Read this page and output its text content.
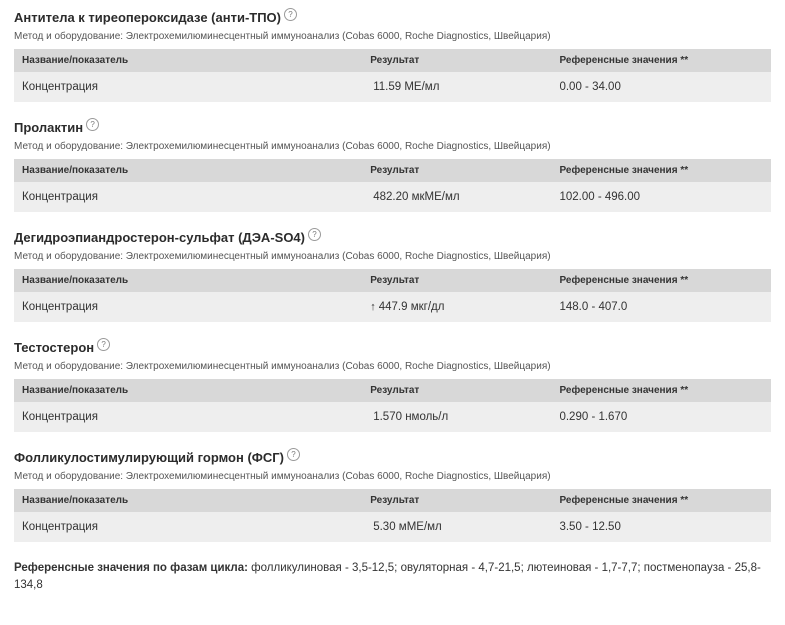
Антитела к тиреопероксидазе (анти-ТПО) ?
Метод и оборудование: Электрохемилюминесцентный иммуноанализ (Cobas 6000, Roche Diagnostics, Швейцария)
Название/показатель	Результат	Референсные значения **
Концентрация	11.59 МЕ/мл	0.00 - 34.00
Пролактин ?
Метод и оборудование: Электрохемилюминесцентный иммуноанализ (Cobas 6000, Roche Diagnostics, Швейцария)
Название/показатель	Результат	Референсные значения **
Концентрация	482.20 мкМЕ/мл	102.00 - 496.00
Дегидроэпиандростерон-сульфат (ДЭА-SO4) ?
Метод и оборудование: Электрохемилюминесцентный иммуноанализ (Cobas 6000, Roche Diagnostics, Швейцария)
Название/показатель	Результат	Референсные значения **
Концентрация	↑ 447.9 мкг/дл	148.0 - 407.0
Тестостерон ?
Метод и оборудование: Электрохемилюминесцентный иммуноанализ (Cobas 6000, Roche Diagnostics, Швейцария)
Название/показатель	Результат	Референсные значения **
Концентрация	1.570 нмоль/л	0.290 - 1.670
Фолликулостимулирующий гормон (ФСГ) ?
Метод и оборудование: Электрохемилюминесцентный иммуноанализ (Cobas 6000, Roche Diagnostics, Швейцария)
Название/показатель	Результат	Референсные значения **
Концентрация	5.30 мМЕ/мл	3.50 - 12.50
Референсные значения по фазам цикла: фолликулиновая - 3,5-12,5; овуляторная - 4,7-21,5; лютеиновая - 1,7-7,7; постменопауза - 25,8-134,8
